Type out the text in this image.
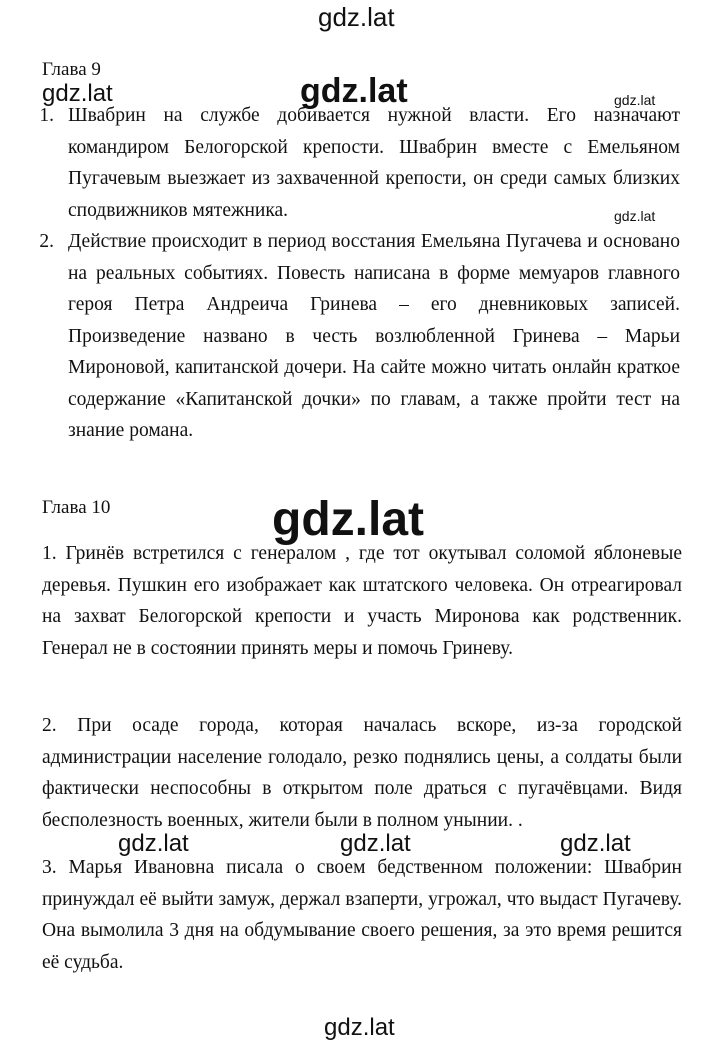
gdz.lat
gdz.lat	gdz.lat	gdz.lat
gdz.lat
gdz.lat
gdz.lat	gdz.lat	gdz.lat
gdz.lat
Глава 9
1. Швабрин на службе добивается нужной власти. Его назначают командиром Белогорской крепости. Швабрин вместе с Емельяном Пугачевым выезжает из захваченной крепости, он среди самых близких сподвижников мятежника.
2. Действие происходит в период восстания Емельяна Пугачева и основано на реальных событиях. Повесть написана в форме мемуаров главного героя Петра Андреича Гринева – его дневниковых записей. Произведение названо в честь возлюбленной Гринева – Марьи Мироновой, капитанской дочери. На сайте можно читать онлайн краткое содержание «Капитанской дочки» по главам, а также пройти тест на знание романа.
Глава 10
1. Гринёв встретился с генералом , где тот окутывал соломой яблоневые деревья. Пушкин его изображает как штатского человека. Он отреагировал на захват Белогорской крепости и участь Миронова как родственник. Генерал не в состоянии принять меры и помочь Гриневу.
2. При осаде города, которая началась вскоре, из-за городской администрации население голодало, резко поднялись цены, а солдаты были фактически неспособны в открытом поле драться с пугачёвцами. Видя бесполезность военных, жители были в полном унынии. .
3. Марья Ивановна писала о своем бедственном положении: Швабрин принуждал её выйти замуж, держал взаперти, угрожал, что выдаст Пугачеву. Она вымолила 3 дня на обдумывание своего решения, за это время решится её судьба.
